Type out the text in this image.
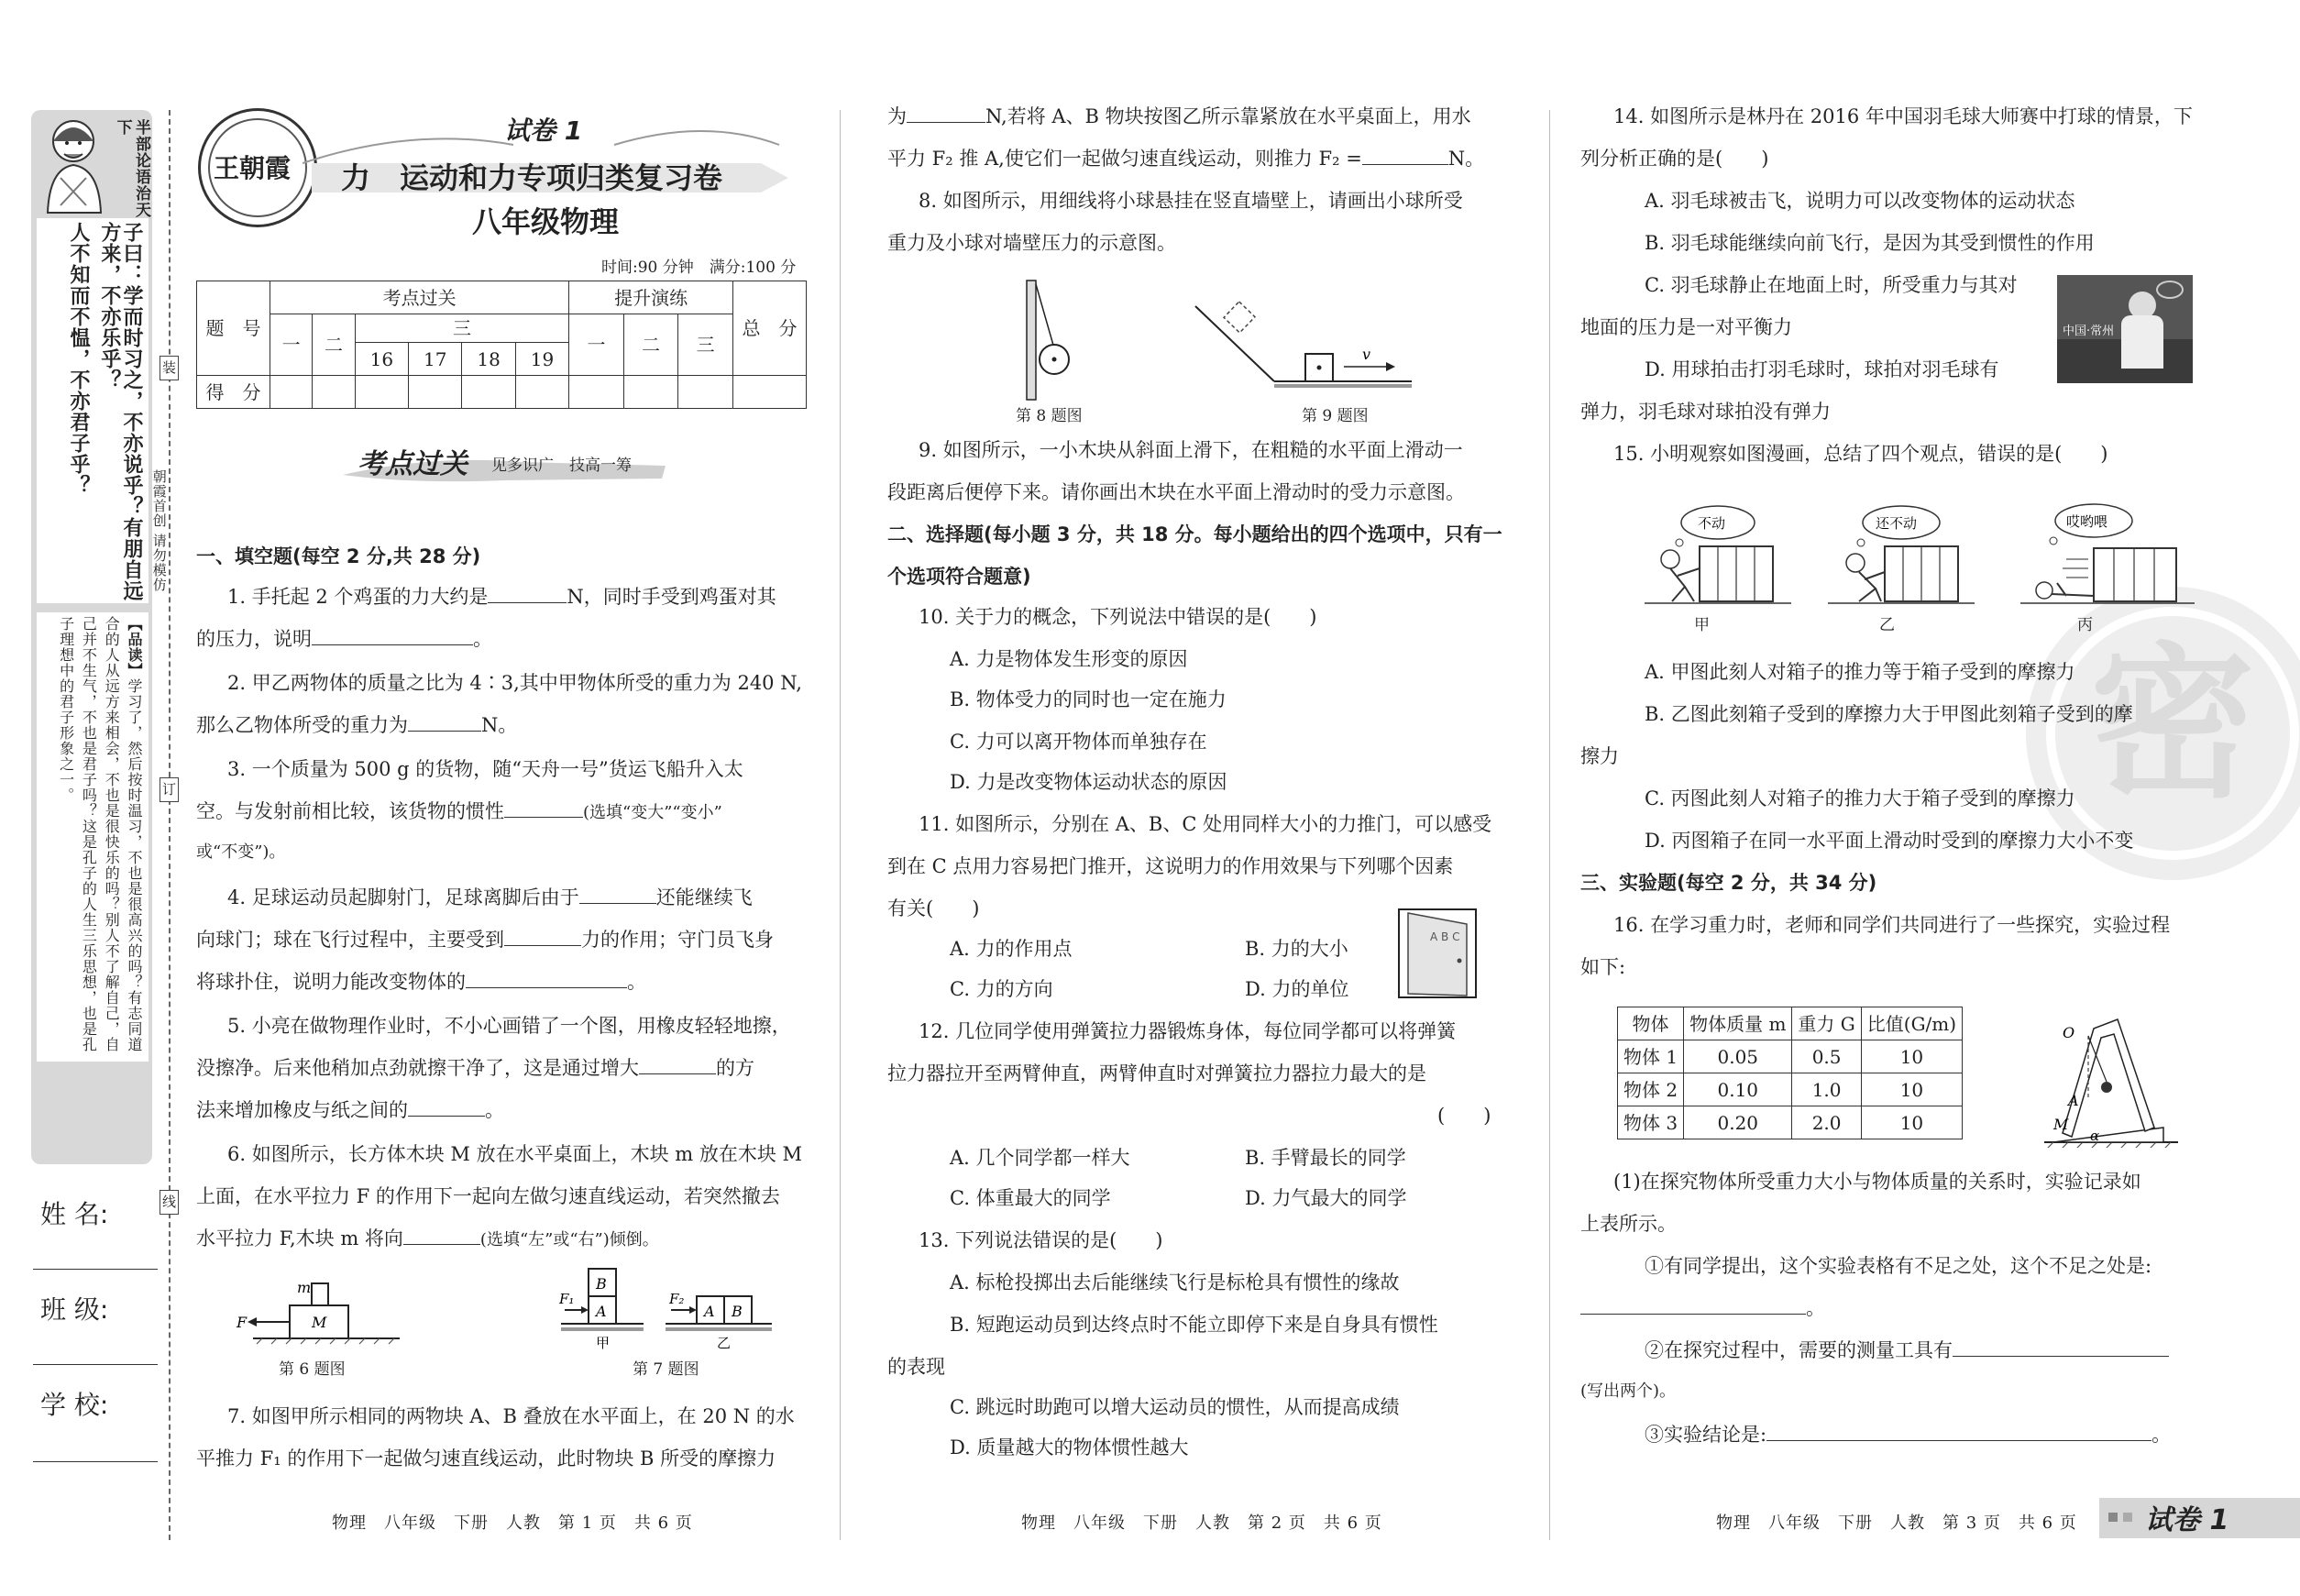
半部论语治天下
子曰：学而时习之，不亦说乎？有朋自远方来，不亦乐乎？
人不知而不愠，不亦君子乎？
【品读】学习了，然后按时温习，不也是很高兴的吗？有志同道合的人从远方来相会，不也是很快乐的吗？别人不了解自己，自己并不生气，不也是君子吗？这是孔子的人生三乐思想，也是孔子理想中的君子形象之一。
姓 名:
班 级:
学 校:
装
订
线
朝霞首创 请勿模仿
王朝霞
试卷 1
力　运动和力专项归类复习卷
八年级物理
时间:90 分钟　满分:100 分
题　号	考点过关						提升演练			总　分
	一	二	三				一	二	三	
			16	17	18	19				
得　分										
考点过关 见多识广　技高一筹
一、填空题(每空 2 分,共 28 分)
1. 手托起 2 个鸡蛋的力大约是	N，同时手受到鸡蛋对其
的压力，说明	。
2. 甲乙两物体的质量之比为 4∶3,其中甲物体所受的重力为 240 N,
那么乙物体所受的重力为	N。
3. 一个质量为 500 g 的货物，随“天舟一号”货运飞船升入太
空。与发射前相比较，该货物的惯性	(选填“变大”“变小”
或“不变”)。
4. 足球运动员起脚射门，足球离脚后由于	还能继续飞
向球门；球在飞行过程中，主要受到	力的作用；守门员飞身
将球扑住，说明力能改变物体的	。
5. 小亮在做物理作业时，不小心画错了一个图，用橡皮轻轻地擦，
没擦净。后来他稍加点劲就擦干净了，这是通过增大	的方
法来增加橡皮与纸之间的	。
6. 如图所示，长方体木块 M 放在水平桌面上，木块 m 放在木块 M
上面，在水平拉力 F 的作用下一起向左做匀速直线运动，若突然撤去
水平拉力 F,木块 m 将向	(选填“左”或“右”)倾倒。
F
m
M
第 6 题图
F₁
B
A
F₂
A B
甲	乙
第 7 题图
7. 如图甲所示相同的两物块 A、B 叠放在水平面上，在 20 N 的水
平推力 F₁ 的作用下一起做匀速直线运动，此时物块 B 所受的摩擦力
物理　八年级　下册　人教　第 1 页　共 6 页
为	N,若将 A、B 物块按图乙所示靠紧放在水平桌面上，用水
平力 F₂ 推 A,使它们一起做匀速直线运动，则推力 F₂ =	N。
8. 如图所示，用细线将小球悬挂在竖直墙壁上，请画出小球所受
重力及小球对墙壁压力的示意图。
第 8 题图
v
第 9 题图
9. 如图所示，一小木块从斜面上滑下，在粗糙的水平面上滑动一
段距离后便停下来。请你画出木块在水平面上滑动时的受力示意图。
二、选择题(每小题 3 分，共 18 分。每小题给出的四个选项中，只有一
个选项符合题意)
10. 关于力的概念，下列说法中错误的是(　　)
A. 力是物体发生形变的原因
B. 物体受力的同时也一定在施力
C. 力可以离开物体而单独存在
D. 力是改变物体运动状态的原因
11. 如图所示，分别在 A、B、C 处用同样大小的力推门，可以感受
到在 C 点用力容易把门推开，这说明力的作用效果与下列哪个因素
有关(　　)
A. 力的作用点	B. 力的大小
C. 力的方向	D. 力的单位
A B C
12. 几位同学使用弹簧拉力器锻炼身体，每位同学都可以将弹簧
拉力器拉开至两臂伸直，两臂伸直时对弹簧拉力器拉力最大的是
(　　)
A. 几个同学都一样大	B. 手臂最长的同学
C. 体重最大的同学	D. 力气最大的同学
13. 下列说法错误的是(　　)
A. 标枪投掷出去后能继续飞行是标枪具有惯性的缘故
B. 短跑运动员到达终点时不能立即停下来是自身具有惯性
的表现
C. 跳远时助跑可以增大运动员的惯性，从而提高成绩
D. 质量越大的物体惯性越大
物理　八年级　下册　人教　第 2 页　共 6 页
密
14. 如图所示是林丹在 2016 年中国羽毛球大师赛中打球的情景，下
列分析正确的是(　　)
A. 羽毛球被击飞，说明力可以改变物体的运动状态
B. 羽毛球能继续向前飞行，是因为其受到惯性的作用
C. 羽毛球静止在地面上时，所受重力与其对
地面的压力是一对平衡力
D. 用球拍击打羽毛球时，球拍对羽毛球有
弹力，羽毛球对球拍没有弹力
中国·常州
15. 小明观察如图漫画，总结了四个观点，错误的是(　　)
不动	还不动	哎哟喂
甲	乙	丙
A. 甲图此刻人对箱子的推力等于箱子受到的摩擦力
B. 乙图此刻箱子受到的摩擦力大于甲图此刻箱子受到的摩
擦力
C. 丙图此刻人对箱子的推力大于箱子受到的摩擦力
D. 丙图箱子在同一水平面上滑动时受到的摩擦力大小不变
三、实验题(每空 2 分，共 34 分)
16. 在学习重力时，老师和同学们共同进行了一些探究，实验过程
如下:
物体	物体质量 m	重力 G	比值(G/m)
物体 1	0.05	0.5	10
物体 2	0.10	1.0	10
物体 3	0.20	2.0	10
O
A
M
α
(1)在探究物体所受重力大小与物体质量的关系时，实验记录如
上表所示。
①有同学提出，这个实验表格有不足之处，这个不足之处是:
。
②在探究过程中，需要的测量工具有
(写出两个)。
③实验结论是:	。
物理　八年级　下册　人教　第 3 页　共 6 页 试卷 1
